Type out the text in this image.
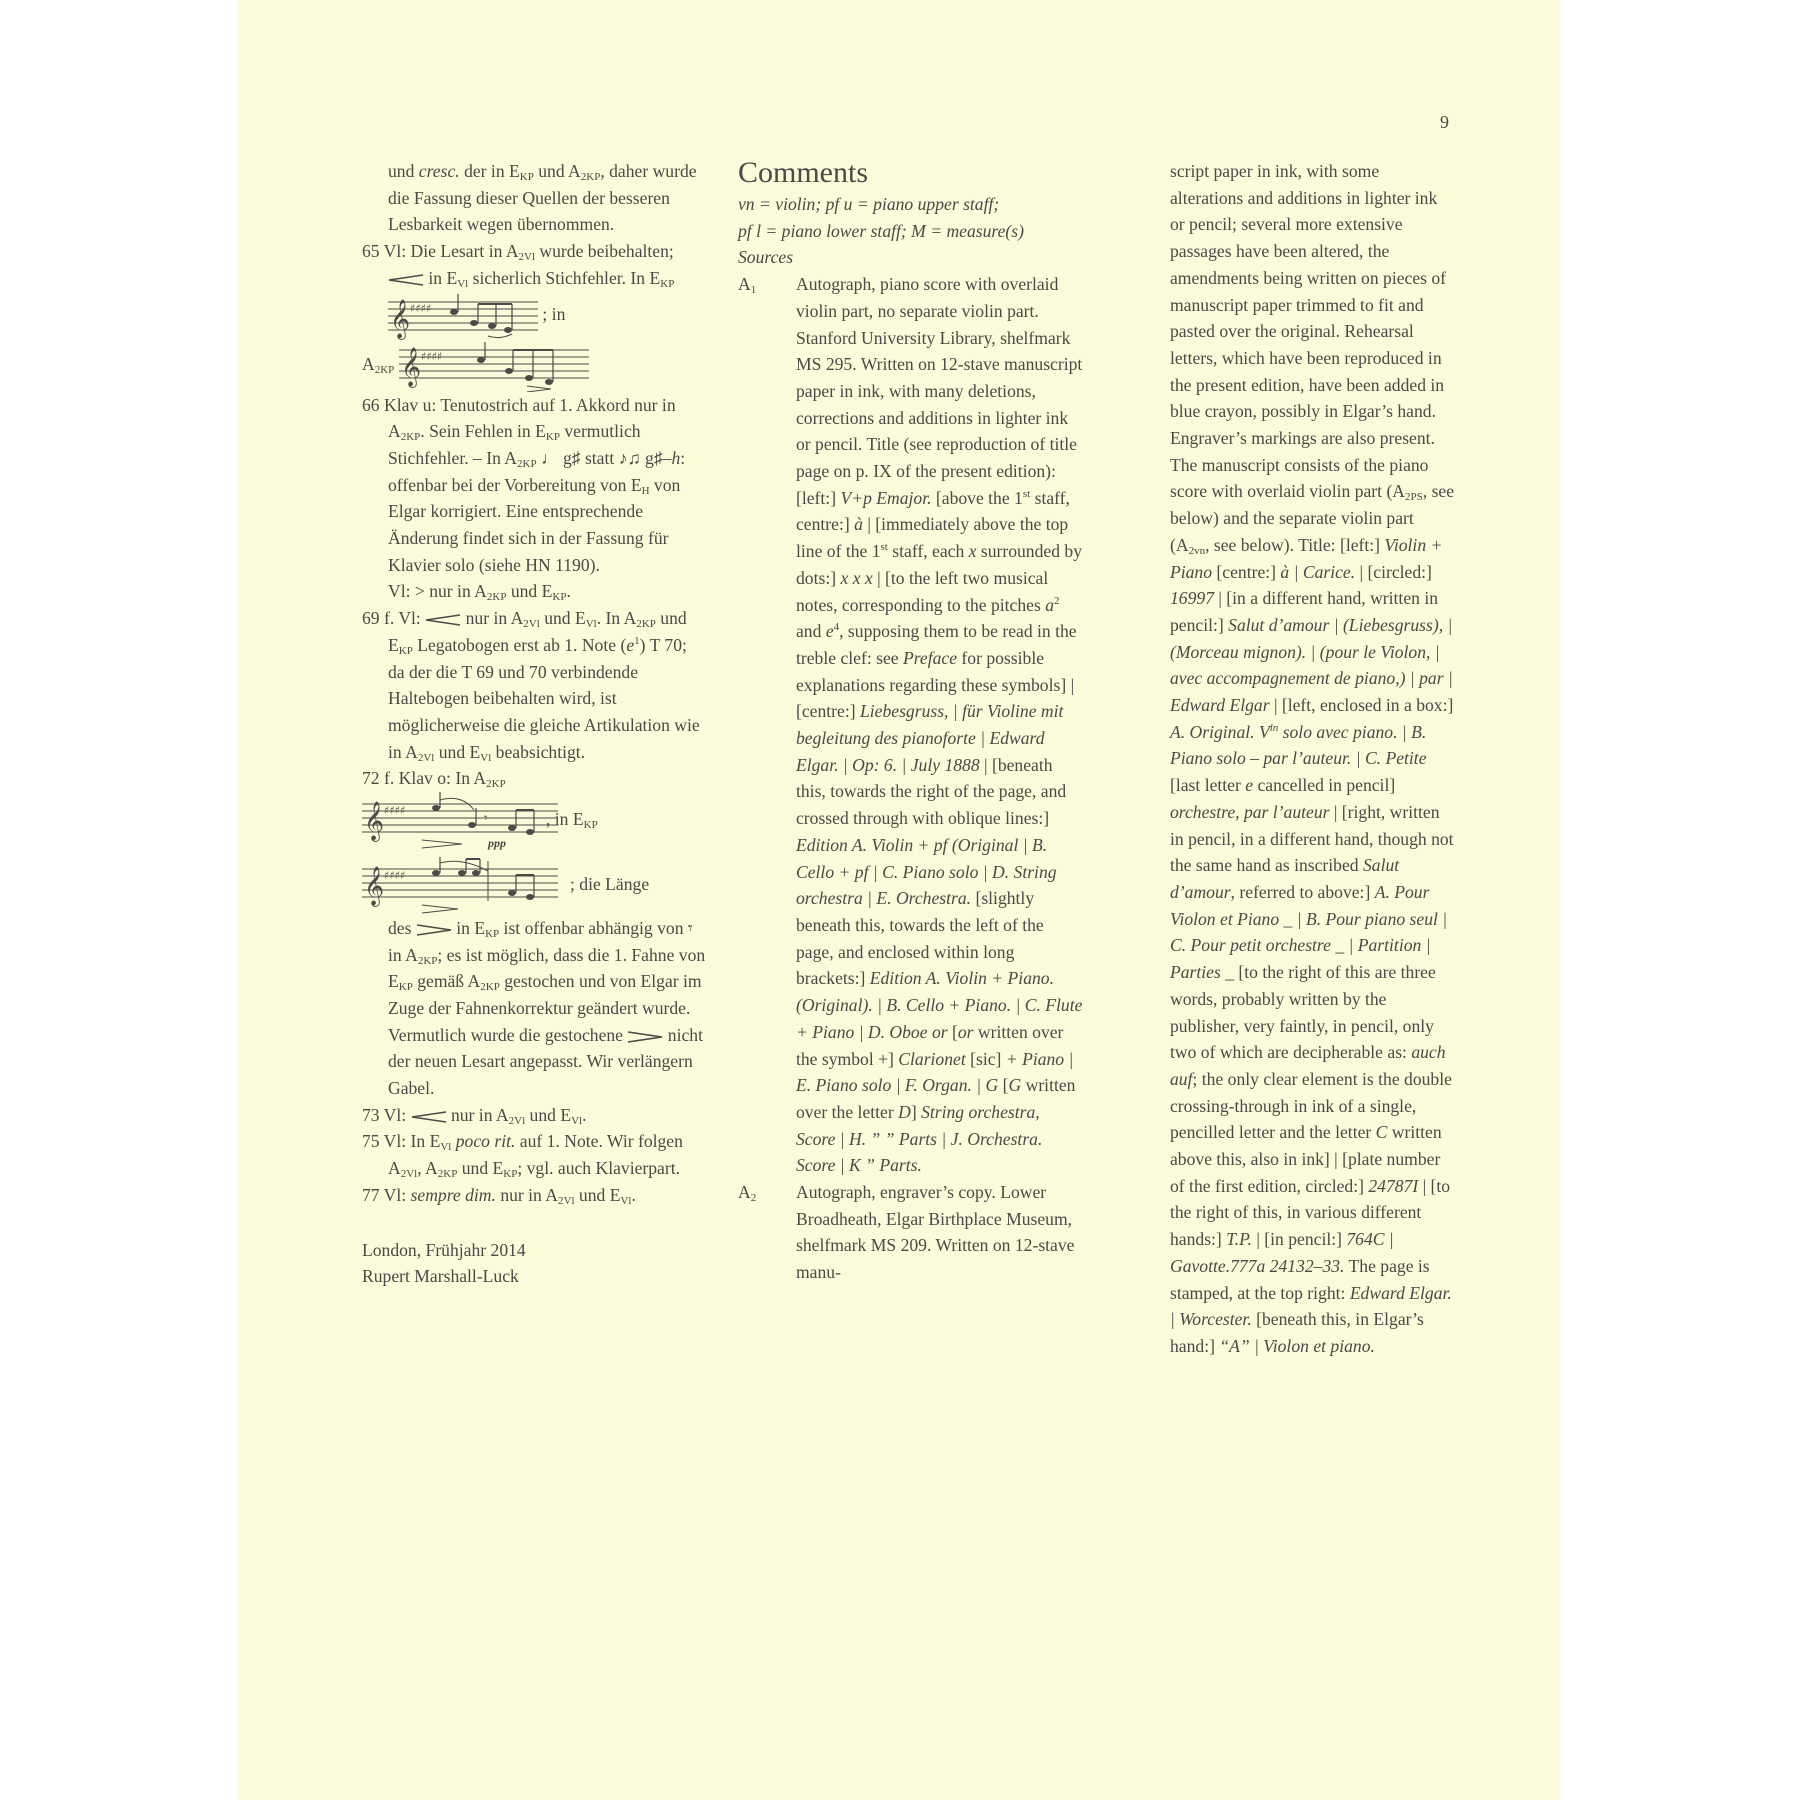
9

und cresc. der in $E_{KP}$ und $A_{2KP}$, daher wurde die Fassung dieser Quellen der besseren Lesbarkeit wegen übernommen.

65 Vl: Die Lesart in $A_{2Vl}$ wurde beibehalten;  in $E_{Vl}$ sicherlich Stichfehler. In $E_{KP}$
𝄞 ♯♯♯♯	; in

$A_{2KP}$ 𝄞 ♯♯♯♯

66 Klav u: Tenutostrich auf 1. Akkord nur in $A_{2KP}$. Sein Fehlen in $E_{KP}$ vermutlich Stichfehler. – In $A_{2KP}$ ♩ g♯ statt ♪♫ g♯–h: offenbar bei der Vorbereitung von $E_H$ von Elgar korrigiert. Eine entsprechende Änderung findet sich in der Fassung für Klavier solo (siehe HN 1190).

Vl: > nur in $A_{2KP}$ und $E_{KP}$.

69 f. Vl:  nur in $A_{2Vl}$ und $E_{Vl}$. In $A_{2KP}$ und $E_{KP}$ Legatobogen erst ab 1. Note $(e^1)$ T 70; da der die T 69 und 70 verbindende Haltebogen beibehalten wird, ist möglicherweise die gleiche Artikulation wie in $A_{2Vl}$ und $E_{Vl}$ beabsichtigt.

72 f. Klav o: In $A_{2KP}$

𝄞 ♯♯♯♯	𝄾
$_{ppp}$, in $E_{KP}$

𝄞 ♯♯♯♯	; die Länge

des  in $E_{KP}$ ist offenbar abhängig von 𝄾 in $A_{2KP}$; es ist möglich, dass die 1. Fahne von $E_{KP}$ gemäß $A_{2KP}$ gestochen und von Elgar im Zuge der Fahnenkorrektur geändert wurde. Vermutlich wurde die gestochene  nicht der neuen Lesart angepasst. Wir verlängern Gabel.

73 Vl:  nur in $A_{2Vl}$ und $E_{Vl}$.

75 Vl: In $E_{Vl}$ poco rit. auf 1. Note. Wir folgen $A_{2Vl}$, $A_{2KP}$ und $E_{KP}$; vgl. auch Klavierpart.

77 Vl: sempre dim. nur in $A_{2Vl}$ und $E_{Vl}$.

London, Frühjahr 2014

Rupert Marshall-Luck

Comments

vn = violin; pf u = piano upper staff;
pf l = piano lower staff; M = measure(s)

Sources

$A_1$ Autograph, piano score with overlaid violin part, no separate violin part. Stanford University Library, shelfmark MS 295. Written on 12-stave manuscript paper in ink, with many deletions, corrections and additions in lighter ink or pencil. Title (see reproduction of title page on p. IX of the present edition): [left:] V+p Emajor. [above the 1st staff, centre:] à | [immediately above the top line of the 1st staff, each x surrounded by dots:] x x x | [to the left two musical notes, corresponding to the pitches $a^2$ and $e^4$, supposing them to be read in the treble clef: see Preface for possible explanations regarding these symbols] | [centre:] Liebesgruss, | für Violine mit begleitung des pianoforte | Edward Elgar. | Op: 6. | July 1888 | [beneath this, towards the right of the page, and crossed through with oblique lines:] Edition A. Violin + pf (Original | B. Cello + pf | C. Piano solo | D. String orchestra | E. Orchestra. [slightly beneath this, towards the left of the page, and enclosed within long brackets:] Edition A. Violin + Piano. (Original). | B. Cello + Piano. | C. Flute + Piano | D. Oboe or [or written over the symbol +] Clarionet [sic] + Piano | E. Piano solo | F. Organ. | G [G written over the letter D] String orchestra, Score | H. ” ” Parts | J. Orchestra. Score | K ” Parts.

$A_2$ Autograph, engraver’s copy. Lower Broadheath, Elgar Birthplace Museum, shelfmark MS 209. Written on 12-stave manu-

script paper in ink, with some alterations and additions in lighter ink or pencil; several more extensive passages have been altered, the amendments being written on pieces of manuscript paper trimmed to fit and pasted over the original. Rehearsal letters, which have been reproduced in the present edition, have been added in blue crayon, possibly in Elgar’s hand. Engraver’s markings are also present. The manuscript consists of the piano score with overlaid violin part ($A_{2PS}$, see below) and the separate violin part ($A_{2vn}$, see below). Title: [left:] Violin + Piano [centre:] à | Carice. | [circled:] 16997 | [in a different hand, written in pencil:] Salut d’amour | (Liebesgruss), | (Morceau mignon). | (pour le Violon, | avec accompagnement de piano,) | par | Edward Elgar | [left, enclosed in a box:] A. Original. $V^{ln}$ solo avec piano. | B. Piano solo – par l’auteur. | C. Petite [last letter e cancelled in pencil] orchestre, par l’auteur | [right, written in pencil, in a different hand, though not the same hand as inscribed Salut d’amour, referred to above:] A. Pour Violon et Piano _ | B. Pour piano seul | C. Pour petit orchestre _ | Partition | Parties _ [to the right of this are three words, probably written by the publisher, very faintly, in pencil, only two of which are decipherable as: auch auf; the only clear element is the double crossing-through in ink of a single, pencilled letter and the letter C written above this, also in ink] | [plate number of the first edition, circled:] 24787I | [to the right of this, in various different hands:] T.P. | [in pencil:] 764C | Gavotte.777a 24132–33. The page is stamped, at the top right: Edward Elgar. | Worcester. [beneath this, in Elgar’s hand:] “A” | Violon et piano.
